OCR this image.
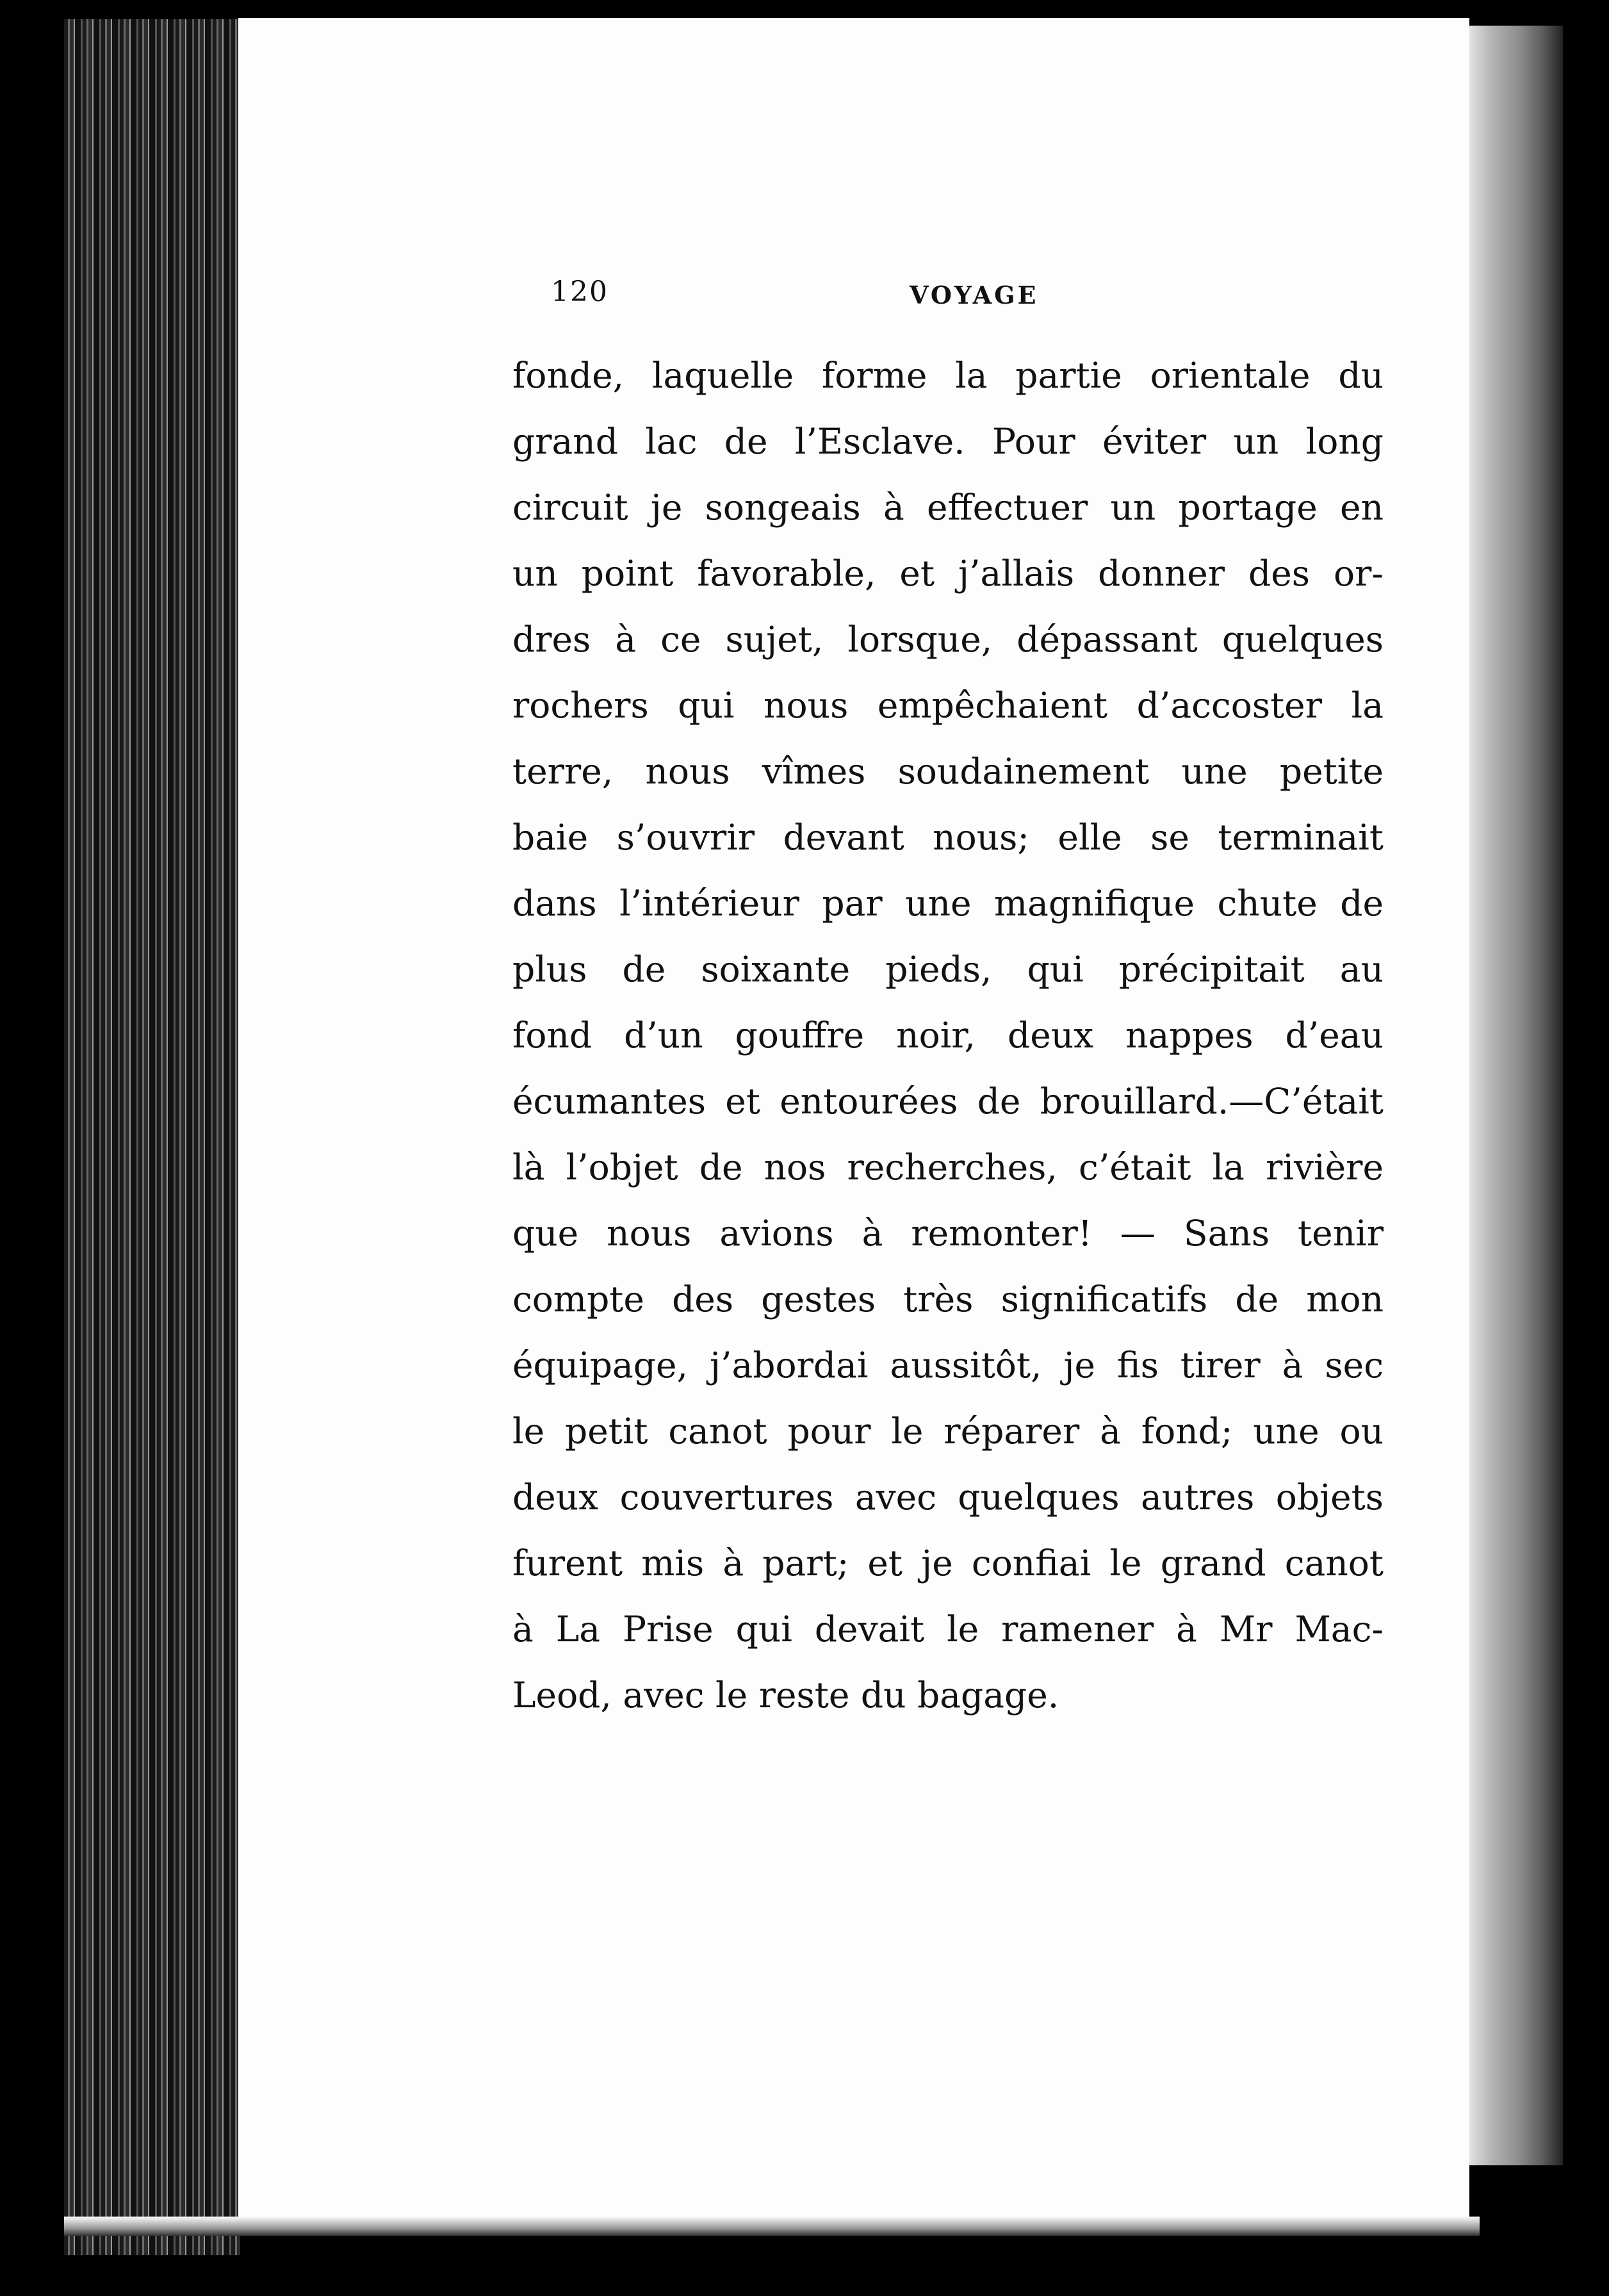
120	VOYAGE
fonde, laquelle forme la partie orientale du
grand lac de l’Esclave. Pour éviter un long
circuit je songeais à effectuer un portage en
un point favorable, et j’allais donner des or-
dres à ce sujet, lorsque, dépassant quelques
rochers qui nous empêchaient d’accoster la
terre, nous vîmes soudainement une petite
baie s’ouvrir devant nous; elle se terminait
dans l’intérieur par une magnifique chute de
plus de soixante pieds, qui précipitait au
fond d’un gouffre noir, deux nappes d’eau
écumantes et entourées de brouillard.—C’était
là l’objet de nos recherches, c’était la rivière
que nous avions à remonter! — Sans tenir
compte des gestes très significatifs de mon
équipage, j’abordai aussitôt, je fis tirer à sec
le petit canot pour le réparer à fond; une ou
deux couvertures avec quelques autres objets
furent mis à part; et je confiai le grand canot
à La Prise qui devait le ramener à Mr Mac-
Leod, avec le reste du bagage.
